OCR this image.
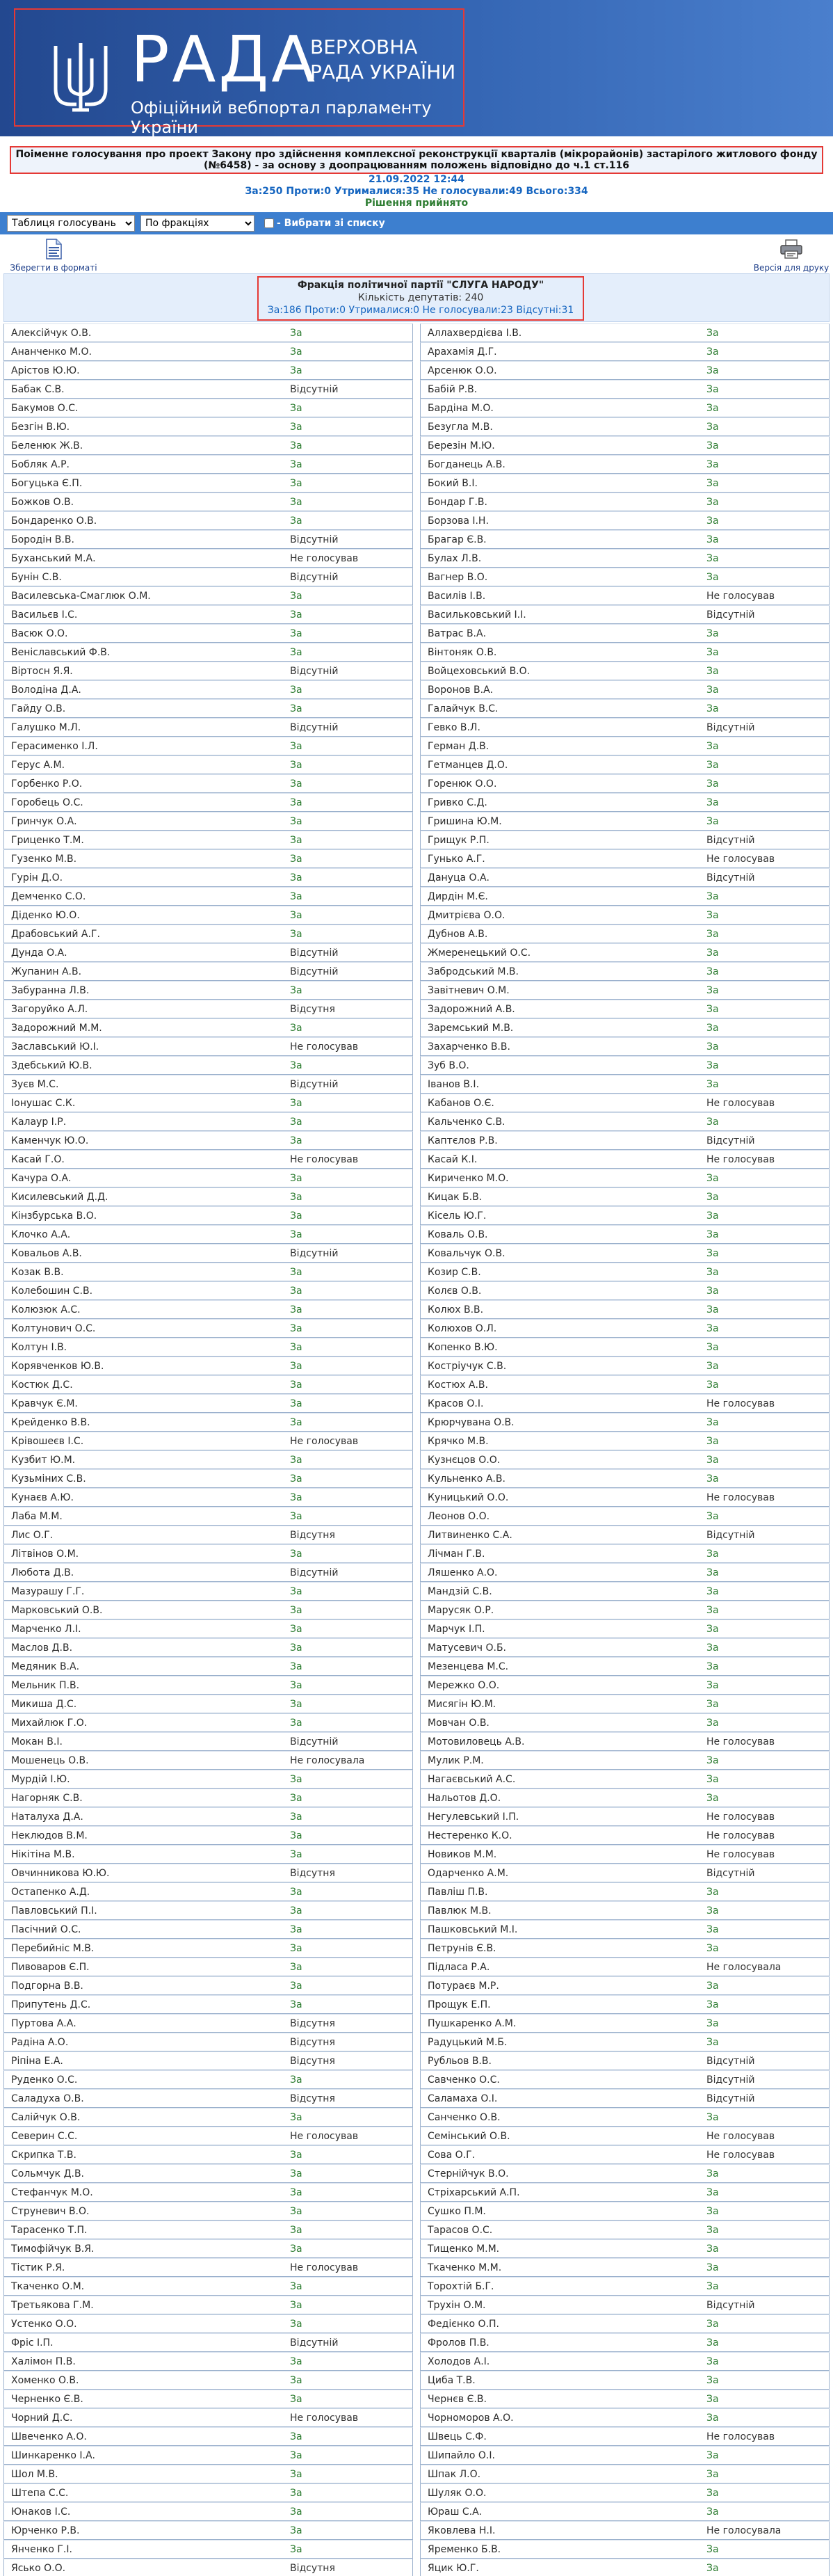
РАДА
ВЕРХОВНА
РАДА УКРАЇНИ
Офіційний вебпортал парламенту України
Поіменне голосування про проект Закону про здійснення комплексної реконструкції кварталів (мікрорайонів) застарілого житлового фонду (№6458) - за основу з доопрацюванням положень відповідно до ч.1 ст.116
21.09.2022 12:44
За:250 Проти:0 Утрималися:35 Не голосували:49 Всього:334
Рішення прийнято
Таблиця голосувань
По фракціях
- Вибрати зі списку
Зберегти в форматі	Версія для друку
Фракція політичної партії "СЛУГА НАРОДУ"
Кількість депутатів: 240
За:186 Проти:0 Утрималися:0 Не голосували:23 Відсутні:31
Алексійчук О.В.	За	Аллахвердієва І.В.	За
Ананченко М.О.	За	Арахамія Д.Г.	За
Арістов Ю.Ю.	За	Арсенюк О.О.	За
Бабак С.В.	Відсутній	Бабій Р.В.	За
Бакумов О.С.	За	Бардіна М.О.	За
Безгін В.Ю.	За	Безугла М.В.	За
Беленюк Ж.В.	За	Березін М.Ю.	За
Бобляк А.Р.	За	Богданець А.В.	За
Богуцька Є.П.	За	Бокий В.І.	За
Божков О.В.	За	Бондар Г.В.	За
Бондаренко О.В.	За	Борзова І.Н.	За
Бородін В.В.	Відсутній	Брагар Є.В.	За
Буханський М.А.	Не голосував	Булах Л.В.	За
Бунін С.В.	Відсутній	Вагнер В.О.	За
Василевська-Смаглюк О.М.	За	Василів І.В.	Не голосував
Васильєв І.С.	За	Васильковський І.І.	Відсутній
Васюк О.О.	За	Ватрас В.А.	За
Веніславський Ф.В.	За	Вінтоняк О.В.	За
Віртосн Я.Я.	Відсутній	Войцеховський В.О.	За
Володіна Д.А.	За	Воронов В.А.	За
Гайду О.В.	За	Галайчук В.С.	За
Галушко М.Л.	Відсутній	Гевко В.Л.	Відсутній
Герасименко І.Л.	За	Герман Д.В.	За
Герус А.М.	За	Гетманцев Д.О.	За
Горбенко Р.О.	За	Горенюк О.О.	За
Горобець О.С.	За	Гривко С.Д.	За
Гринчук О.А.	За	Гришина Ю.М.	За
Гриценко Т.М.	За	Грищук Р.П.	Відсутній
Гузенко М.В.	За	Гунько А.Г.	Не голосував
Гурін Д.О.	За	Дануца О.А.	Відсутній
Демченко С.О.	За	Дирдін М.Є.	За
Діденко Ю.О.	За	Дмитрієва О.О.	За
Драбовський А.Г.	За	Дубнов А.В.	За
Дунда О.А.	Відсутній	Жмеренецький О.С.	За
Жупанин А.В.	Відсутній	Забродський М.В.	За
Забуранна Л.В.	За	Завітневич О.М.	За
Загоруйко А.Л.	Відсутня	Задорожний А.В.	За
Задорожний М.М.	За	Заремський М.В.	За
Заславський Ю.І.	Не голосував	Захарченко В.В.	За
Здебський Ю.В.	За	Зуб В.О.	За
Зуєв М.С.	Відсутній	Іванов В.І.	За
Іонушас С.К.	За	Кабанов О.Є.	Не голосував
Калаур І.Р.	За	Кальченко С.В.	За
Каменчук Ю.О.	За	Каптєлов Р.В.	Відсутній
Касай Г.О.	Не голосував	Касай К.І.	Не голосував
Качура О.А.	За	Кириченко М.О.	За
Кисилевський Д.Д.	За	Кицак Б.В.	За
Кінзбурська В.О.	За	Кісель Ю.Г.	За
Клочко А.А.	За	Коваль О.В.	За
Ковальов А.В.	Відсутній	Ковальчук О.В.	За
Козак В.В.	За	Козир С.В.	За
Колебошин С.В.	За	Колєв О.В.	За
Колюзюк А.С.	За	Колюх В.В.	За
Колтунович О.С.	За	Колюхов О.Л.	За
Колтун І.В.	За	Копенко В.Ю.	За
Корявченков Ю.В.	За	Костріучук С.В.	За
Костюк Д.С.	За	Костюх А.В.	За
Кравчук Є.М.	За	Красов О.І.	Не голосував
Крейденко В.В.	За	Крюрчувана О.В.	За
Крівошеєв І.С.	Не голосував	Крячко М.В.	За
Кузбит Ю.М.	За	Кузнєцов О.О.	За
Кузьміних С.В.	За	Кульненко А.В.	За
Кунаєв А.Ю.	За	Куницький О.О.	Не голосував
Лаба М.М.	За	Леонов О.О.	За
Лис О.Г.	Відсутня	Литвиненко С.А.	Відсутній
Літвінов О.М.	За	Лічман Г.В.	За
Любота Д.В.	Відсутній	Ляшенко А.О.	За
Мазурашу Г.Г.	За	Мандзій С.В.	За
Марковський О.В.	За	Марусяк О.Р.	За
Марченко Л.І.	За	Марчук І.П.	За
Маслов Д.В.	За	Матусевич О.Б.	За
Медяник В.А.	За	Мезенцева М.С.	За
Мельник П.В.	За	Мережко О.О.	За
Микиша Д.С.	За	Мисягін Ю.М.	За
Михайлюк Г.О.	За	Мовчан О.В.	За
Мокан В.І.	Відсутній	Мотовиловець А.В.	Не голосував
Мошенець О.В.	Не голосувала	Мулик Р.М.	За
Мурдій І.Ю.	За	Нагаєвський А.С.	За
Нагорняк С.В.	За	Нальотов Д.О.	За
Наталуха Д.А.	За	Негулевський І.П.	Не голосував
Неклюдов В.М.	За	Нестеренко К.О.	Не голосував
Нікітіна М.В.	За	Новиков М.М.	Не голосував
Овчинникова Ю.Ю.	Відсутня	Одарченко А.М.	Відсутній
Остапенко А.Д.	За	Павліш П.В.	За
Павловський П.І.	За	Павлюк М.В.	За
Пасічний О.С.	За	Пашковський М.І.	За
Перебийніс М.В.	За	Петрунів Є.В.	За
Пивоваров Є.П.	За	Підласа Р.А.	Не голосувала
Подгорна В.В.	За	Потураєв М.Р.	За
Припутень Д.С.	За	Прощук Е.П.	За
Пуртова А.А.	Відсутня	Пушкаренко А.М.	За
Радіна А.О.	Відсутня	Радуцький М.Б.	За
Ріпіна Е.А.	Відсутня	Рубльов В.В.	Відсутній
Руденко О.С.	За	Савченко О.С.	Відсутній
Саладуха О.В.	Відсутня	Саламаха О.І.	Відсутній
Салійчук О.В.	За	Санченко О.В.	За
Северин С.С.	Не голосував	Семінський О.В.	Не голосував
Скрипка Т.В.	За	Сова О.Г.	Не голосував
Сольмчук Д.В.	За	Стернійчук В.О.	За
Стефанчук М.О.	За	Стріхарський А.П.	За
Струневич В.О.	За	Сушко П.М.	За
Тарасенко Т.П.	За	Тарасов О.С.	За
Тимофійчук В.Я.	За	Тищенко М.М.	За
Тістик Р.Я.	Не голосував	Ткаченко М.М.	За
Ткаченко О.М.	За	Торохтій Б.Г.	За
Третьякова Г.М.	За	Трухін О.М.	Відсутній
Устенко О.О.	За	Федієнко О.П.	За
Фріс І.П.	Відсутній	Фролов П.В.	За
Халімон П.В.	За	Холодов А.І.	За
Хоменко О.В.	За	Циба Т.В.	За
Черненко Є.В.	За	Чернєв Є.В.	За
Чорний Д.С.	Не голосував	Чорноморов А.О.	За
Швеченко А.О.	За	Швець С.Ф.	Не голосував
Шинкаренко І.А.	За	Шипайло О.І.	За
Шол М.В.	За	Шпак Л.О.	За
Штепа С.С.	За	Шуляк О.О.	За
Юнаков І.С.	За	Юраш С.А.	За
Юрченко Р.В.	За	Яковлева Н.І.	Не голосувала
Янченко Г.І.	За	Яременко Б.В.	За
Ясько О.О.	Відсутня	Яцик Ю.Г.	За
